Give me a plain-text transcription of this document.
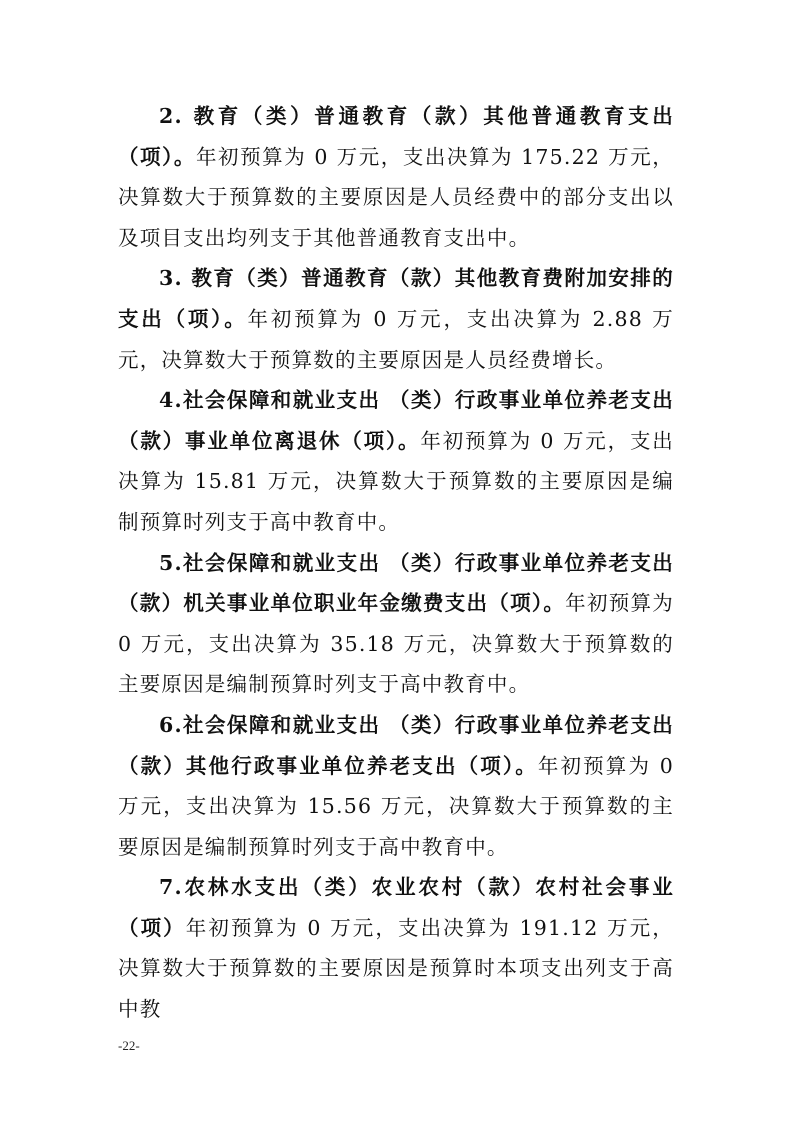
2. 教育（类）普通教育（款）其他普通教育支出（项）。年初预算为 0 万元，支出决算为 175.22 万元，决算数大于预算数的主要原因是人员经费中的部分支出以及项目支出均列支于其他普通教育支出中。

3. 教育（类）普通教育（款）其他教育费附加安排的支出（项）。年初预算为 0 万元，支出决算为 2.88 万元，决算数大于预算数的主要原因是人员经费增长。

4.社会保障和就业支出 （类）行政事业单位养老支出（款）事业单位离退休（项）。年初预算为 0 万元，支出决算为 15.81 万元，决算数大于预算数的主要原因是编制预算时列支于高中教育中。

5.社会保障和就业支出 （类）行政事业单位养老支出（款）机关事业单位职业年金缴费支出（项）。年初预算为 0 万元，支出决算为 35.18 万元，决算数大于预算数的主要原因是编制预算时列支于高中教育中。

6.社会保障和就业支出 （类）行政事业单位养老支出（款）其他行政事业单位养老支出（项）。年初预算为 0 万元，支出决算为 15.56 万元，决算数大于预算数的主要原因是编制预算时列支于高中教育中。

7.农林水支出（类）农业农村（款）农村社会事业（项）年初预算为 0 万元，支出决算为 191.12 万元，决算数大于预算数的主要原因是预算时本项支出列支于高中教

-22-
